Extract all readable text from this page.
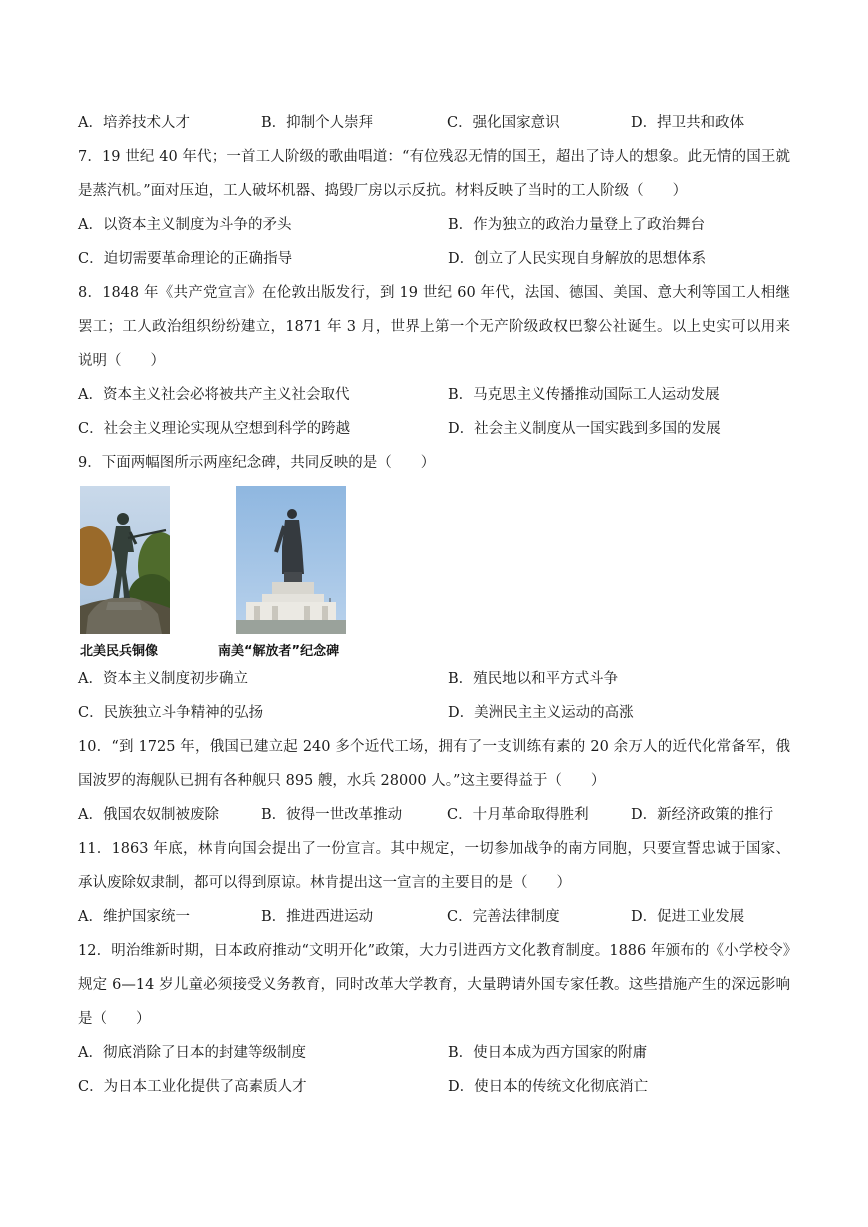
A．培养技术人才	B．抑制个人崇拜	C．强化国家意识	D．捍卫共和政体
7．19 世纪 40 年代；一首工人阶级的歌曲唱道：“有位残忍无情的国王，超出了诗人的想象。此无情的国王就是蒸汽机。”面对压迫，工人破坏机器、捣毁厂房以示反抗。材料反映了当时的工人阶级（　　）
A．以资本主义制度为斗争的矛头	B．作为独立的政治力量登上了政治舞台
C．迫切需要革命理论的正确指导	D．创立了人民实现自身解放的思想体系
8．1848 年《共产党宣言》在伦敦出版发行，到 19 世纪 60 年代，法国、德国、美国、意大利等国工人相继罢工；工人政治组织纷纷建立，1871 年 3 月，世界上第一个无产阶级政权巴黎公社诞生。以上史实可以用来说明（　　）
A．资本主义社会必将被共产主义社会取代	B．马克思主义传播推动国际工人运动发展
C．社会主义理论实现从空想到科学的跨越	D．社会主义制度从一国实践到多国的发展
9．下面两幅图所示两座纪念碑，共同反映的是（　　）
北美民兵铜像	南美“解放者”纪念碑
A．资本主义制度初步确立	B．殖民地以和平方式斗争
C．民族独立斗争精神的弘扬	D．美洲民主主义运动的高涨
10．“到 1725 年，俄国已建立起 240 多个近代工场，拥有了一支训练有素的 20 余万人的近代化常备军，俄国波罗的海舰队已拥有各种舰只 895 艘，水兵 28000 人。”这主要得益于（　　）
A．俄国农奴制被废除	B．彼得一世改革推动	C．十月革命取得胜利	D．新经济政策的推行
11．1863 年底，林肯向国会提出了一份宣言。其中规定，一切参加战争的南方同胞，只要宣誓忠诚于国家、承认废除奴隶制，都可以得到原谅。林肯提出这一宣言的主要目的是（　　）
A．维护国家统一	B．推进西进运动	C．完善法律制度	D．促进工业发展
12．明治维新时期，日本政府推动“文明开化”政策，大力引进西方文化教育制度。1886 年颁布的《小学校令》规定 6—14 岁儿童必须接受义务教育，同时改革大学教育，大量聘请外国专家任教。这些措施产生的深远影响是（　　）
A．彻底消除了日本的封建等级制度	B．使日本成为西方国家的附庸
C．为日本工业化提供了高素质人才	D．使日本的传统文化彻底消亡
